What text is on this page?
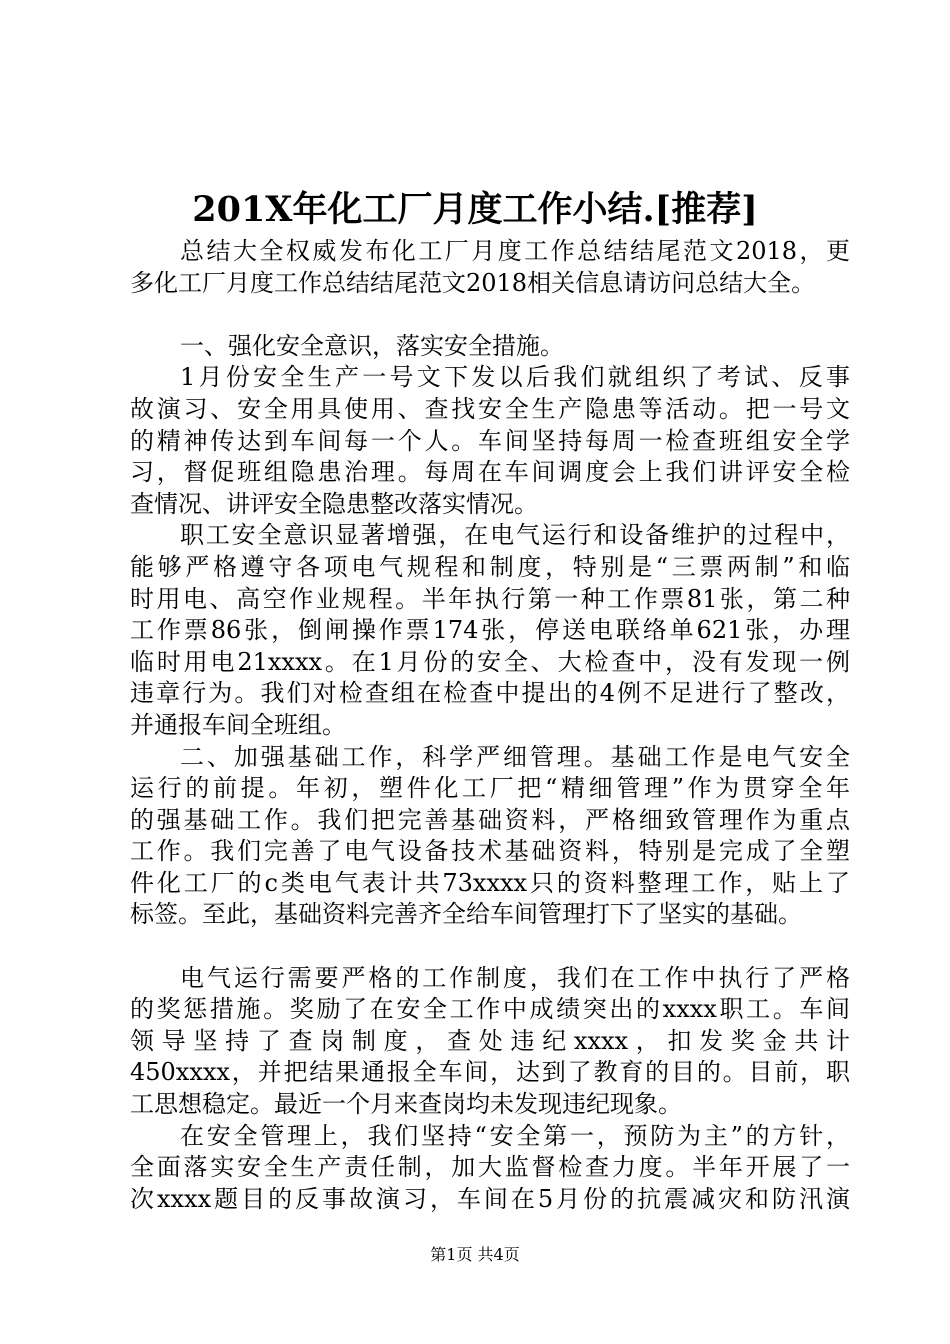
201X年化工厂月度工作小结.[推荐]
总结大全权威发布化工厂月度工作总结结尾范文2018，更
多化工厂月度工作总结结尾范文2018相关信息请访问总结大全。
一、强化安全意识，落实安全措施。
1月份安全生产一号文下发以后我们就组织了考试、反事
故演习、安全用具使用、查找安全生产隐患等活动。把一号文
的精神传达到车间每一个人。车间坚持每周一检查班组安全学
习，督促班组隐患治理。每周在车间调度会上我们讲评安全检
查情况、讲评安全隐患整改落实情况。
职工安全意识显著增强，在电气运行和设备维护的过程中，
能够严格遵守各项电气规程和制度，特别是“三票两制”和临
时用电、高空作业规程。半年执行第一种工作票81张，第二种
工作票86张，倒闸操作票174张，停送电联络单621张，办理
临时用电21xxxx。在1月份的安全、大检查中，没有发现一例
违章行为。我们对检查组在检查中提出的4例不足进行了整改，
并通报车间全班组。
二、加强基础工作，科学严细管理。基础工作是电气安全
运行的前提。年初，塑件化工厂把“精细管理”作为贯穿全年
的强基础工作。我们把完善基础资料，严格细致管理作为重点
工作。我们完善了电气设备技术基础资料，特别是完成了全塑
件化工厂的c类电气表计共73xxxx只的资料整理工作，贴上了
标签。至此，基础资料完善齐全给车间管理打下了坚实的基础。
电气运行需要严格的工作制度，我们在工作中执行了严格
的奖惩措施。奖励了在安全工作中成绩突出的xxxx职工。车间
领导坚持了查岗制度，查处违纪xxxx，扣发奖金共计
450xxxx，并把结果通报全车间，达到了教育的目的。目前，职
工思想稳定。最近一个月来查岗均未发现违纪现象。
在安全管理上，我们坚持“安全第一，预防为主”的方针，
全面落实安全生产责任制，加大监督检查力度。半年开展了一
次xxxx题目的反事故演习，车间在5月份的抗震减灾和防汛演
第1页 共4页
